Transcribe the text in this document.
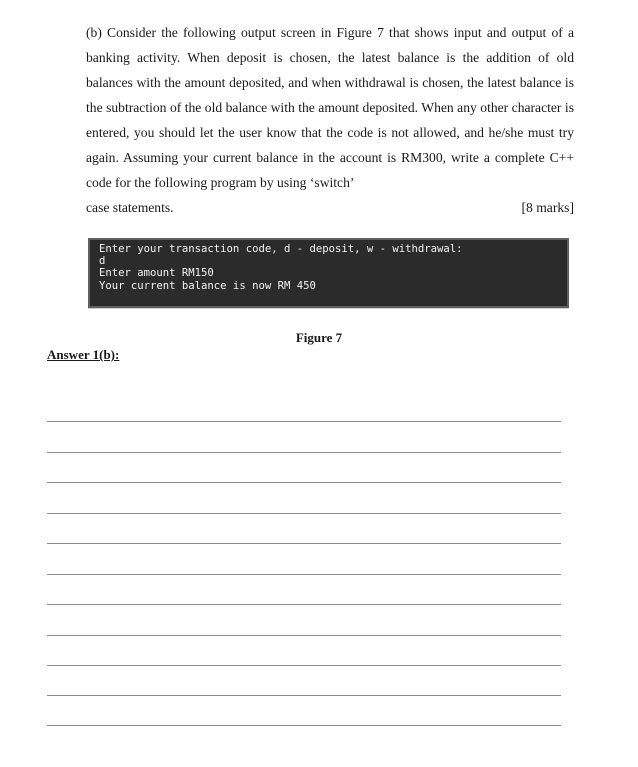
(b) Consider the following output screen in Figure 7 that shows input and output of a banking activity. When deposit is chosen, the latest balance is the addition of old balances with the amount deposited, and when withdrawal is chosen, the latest balance is the subtraction of the old balance with the amount deposited. When any other character is entered, you should let the user know that the code is not allowed, and he/she must try again. Assuming your current balance in the account is RM300, write a complete C++ code for the following program by using ‘switch’
case statements.	[8 marks]
Enter your transaction code, d - deposit, w - withdrawal:
d
Enter amount RM150
Your current balance is now RM 450
Figure 7
Answer 1(b):
